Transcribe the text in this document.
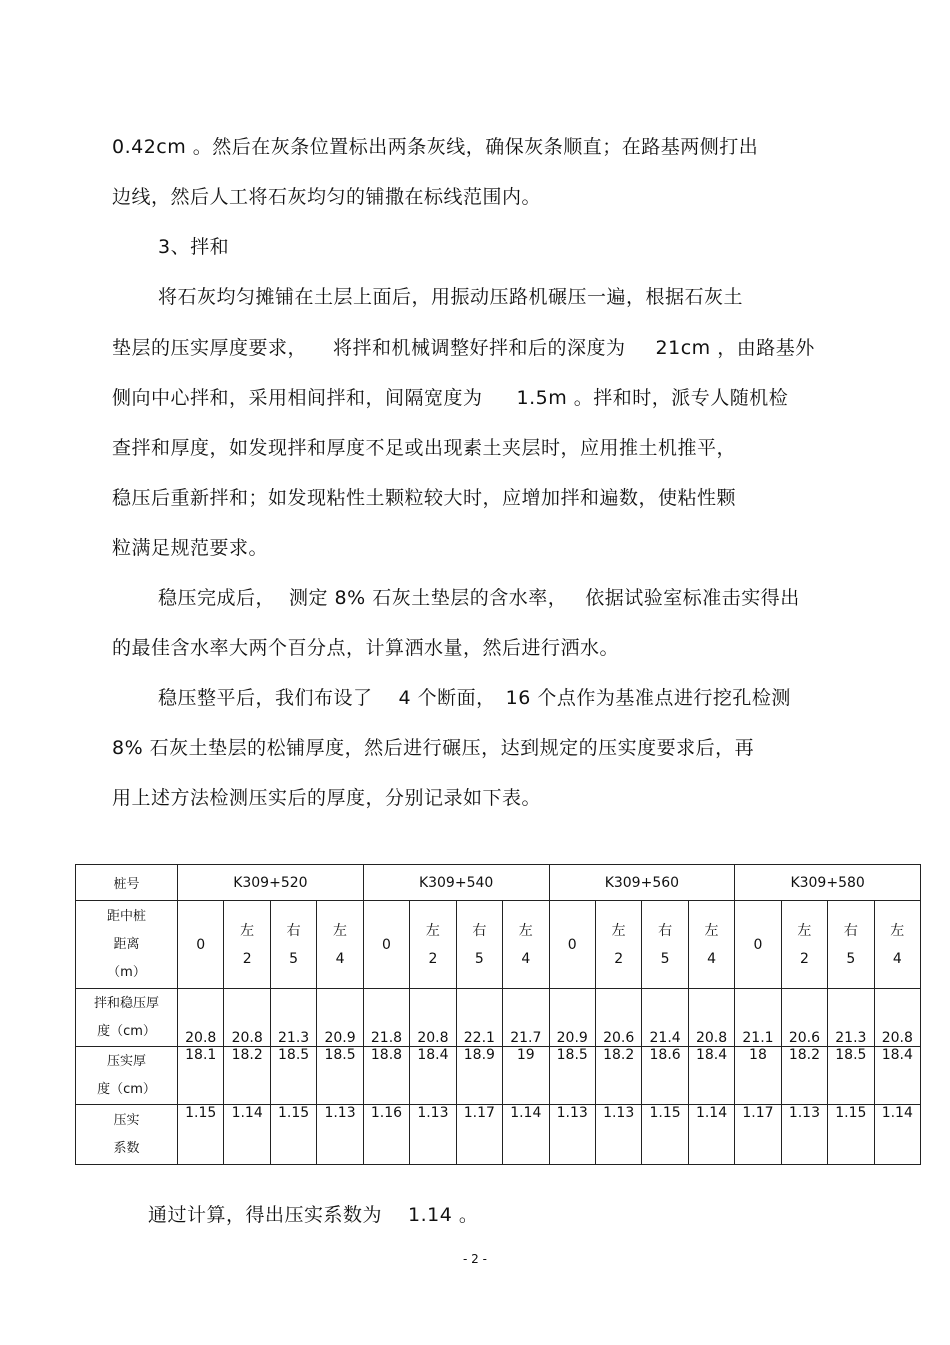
0.42cm 。然后在灰条位置标出两条灰线，确保灰条顺直；在路基两侧打出
边线，然后人工将石灰均匀的铺撒在标线范围内。
3、拌和
将石灰均匀摊铺在土层上面后，用振动压路机碾压一遍，根据石灰土
垫层的压实厚度要求， 将拌和机械调整好拌和后的深度为 21cm ，由路基外
侧向中心拌和，采用相间拌和，间隔宽度为 1.5m 。拌和时，派专人随机检
查拌和厚度，如发现拌和厚度不足或出现素土夹层时，应用推土机推平，
稳压后重新拌和；如发现粘性土颗粒较大时，应增加拌和遍数，使粘性颗
粒满足规范要求。
稳压完成后， 测定 8% 石灰土垫层的含水率， 依据试验室标准击实得出
的最佳含水率大两个百分点，计算洒水量，然后进行洒水。
稳压整平后，我们布设了 4 个断面， 16 个点作为基准点进行挖孔检测
8% 石灰土垫层的松铺厚度，然后进行碾压，达到规定的压实度要求后，再
用上述方法检测压实后的厚度，分别记录如下表。
桩号	K309+520				K309+540				K309+560				K309+580			

距中桩
距离
（m）	0	左
2	右
5	左
4	0	左
2	右
5	左
4	0	左
2	右
5	左
4	0	左
2	右
5	左
4

拌和稳压厚
度（cm）	20.8	20.8	21.3	20.9	21.8	20.8	22.1	21.7	20.9	20.6	21.4	20.8	21.1	20.6	21.3	20.8

压实厚
度（cm）	18.1	18.2	18.5	18.5	18.8	18.4	18.9	19	18.5	18.2	18.6	18.4	18	18.2	18.5	18.4

压实
系数	1.15	1.14	1.15	1.13	1.16	1.13	1.17	1.14	1.13	1.13	1.15	1.14	1.17	1.13	1.15	1.14
通过计算，得出压实系数为 1.14 。
- 2 -
